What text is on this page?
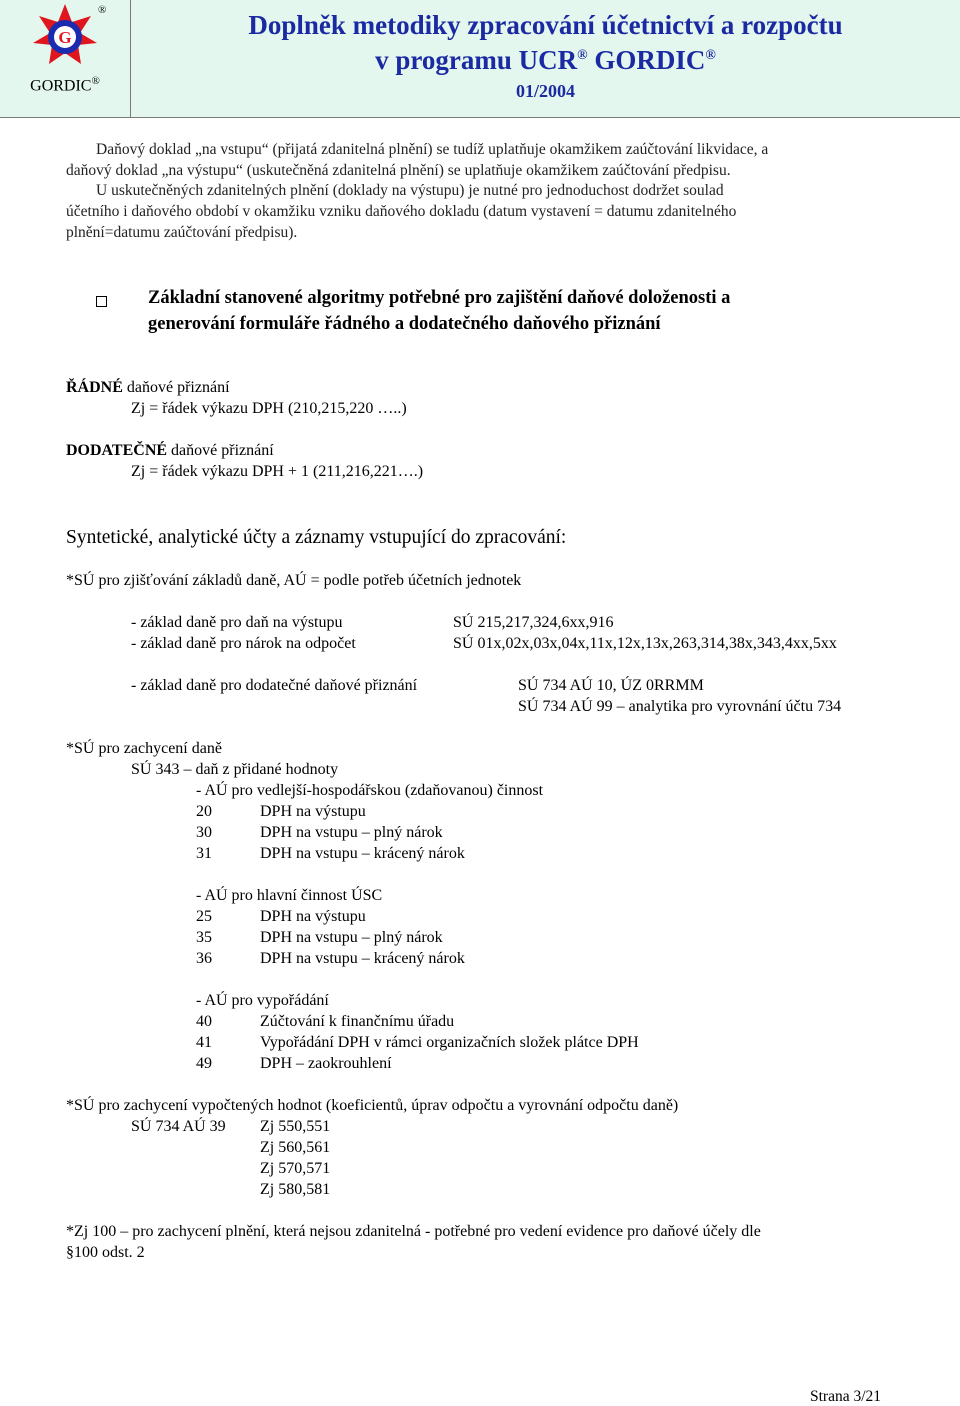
G
®
GORDIC®
Doplněk metodiky zpracování účetnictví a rozpočtu
v programu UCR® GORDIC®
01/2004
Daňový doklad „na vstupu“ (přijatá zdanitelná plnění) se tudíž uplatňuje okamžikem zaúčtování likvidace, a
daňový doklad „na výstupu“ (uskutečněná zdanitelná plnění) se uplatňuje okamžikem zaúčtování předpisu.
U uskutečněných zdanitelných plnění (doklady na výstupu) je nutné pro jednoduchost dodržet soulad
účetního i daňového období v okamžiku vzniku daňového dokladu (datum vystavení = datumu zdanitelného
plnění=datumu zaúčtování předpisu).
Základní stanovené algoritmy potřebné pro zajištění daňové doloženosti a
generování formuláře řádného a dodatečného daňového přiznání
ŘÁDNÉ daňové přiznání
Zj = řádek výkazu DPH (210,215,220 …..)
DODATEČNÉ daňové přiznání
Zj = řádek výkazu DPH + 1 (211,216,221….)
Syntetické, analytické účty a záznamy vstupující do zpracování:
*SÚ pro zjišťování základů daně, AÚ = podle potřeb účetních jednotek
- základ daně pro daň na výstupu	SÚ 215,217,324,6xx,916
- základ daně pro nárok na odpočet	SÚ 01x,02x,03x,04x,11x,12x,13x,263,314,38x,343,4xx,5xx
- základ daně pro dodatečné daňové přiznání	SÚ 734 AÚ 10, ÚZ 0RRMM
SÚ 734 AÚ 99 – analytika pro vyrovnání účtu 734
*SÚ pro zachycení daně
SÚ 343 – daň z přidané hodnoty
- AÚ pro vedlejší-hospodářskou (zdaňovanou) činnost
20	DPH na výstupu
30	DPH na vstupu – plný nárok
31	DPH na vstupu – krácený nárok
- AÚ pro hlavní činnost ÚSC
25	DPH na výstupu
35	DPH na vstupu – plný nárok
36	DPH na vstupu – krácený nárok
- AÚ pro vypořádání
40	Zúčtování k finančnímu úřadu
41	Vypořádání DPH v rámci organizačních složek plátce DPH
49	DPH – zaokrouhlení
*SÚ pro zachycení vypočtených hodnot (koeficientů, úprav odpočtu a vyrovnání odpočtu daně)
SÚ 734 AÚ 39 Zj 550,551
Zj 560,561
Zj 570,571
Zj 580,581
*Zj 100 – pro zachycení plnění, která nejsou zdanitelná - potřebné pro vedení evidence pro daňové účely dle
§100 odst. 2
Strana 3/21
